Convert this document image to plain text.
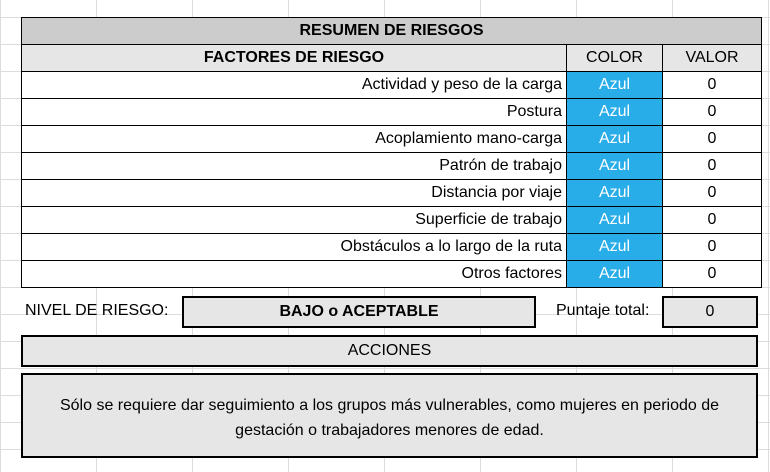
RESUMEN DE RIESGOS		
FACTORES DE RIESGO	COLOR	VALOR
Actividad y peso de la carga	Azul	0
Postura	Azul	0
Acoplamiento mano-carga	Azul	0
Patrón de trabajo	Azul	0
Distancia por viaje	Azul	0
Superficie de trabajo	Azul	0
Obstáculos a lo largo de la ruta	Azul	0
Otros factores	Azul	0
NIVEL DE RIESGO:	BAJO o ACEPTABLE	Puntaje total:	0
ACCIONES
Sólo se requiere dar seguimiento a los grupos más vulnerables, como mujeres en periodo de gestación o trabajadores menores de edad.
